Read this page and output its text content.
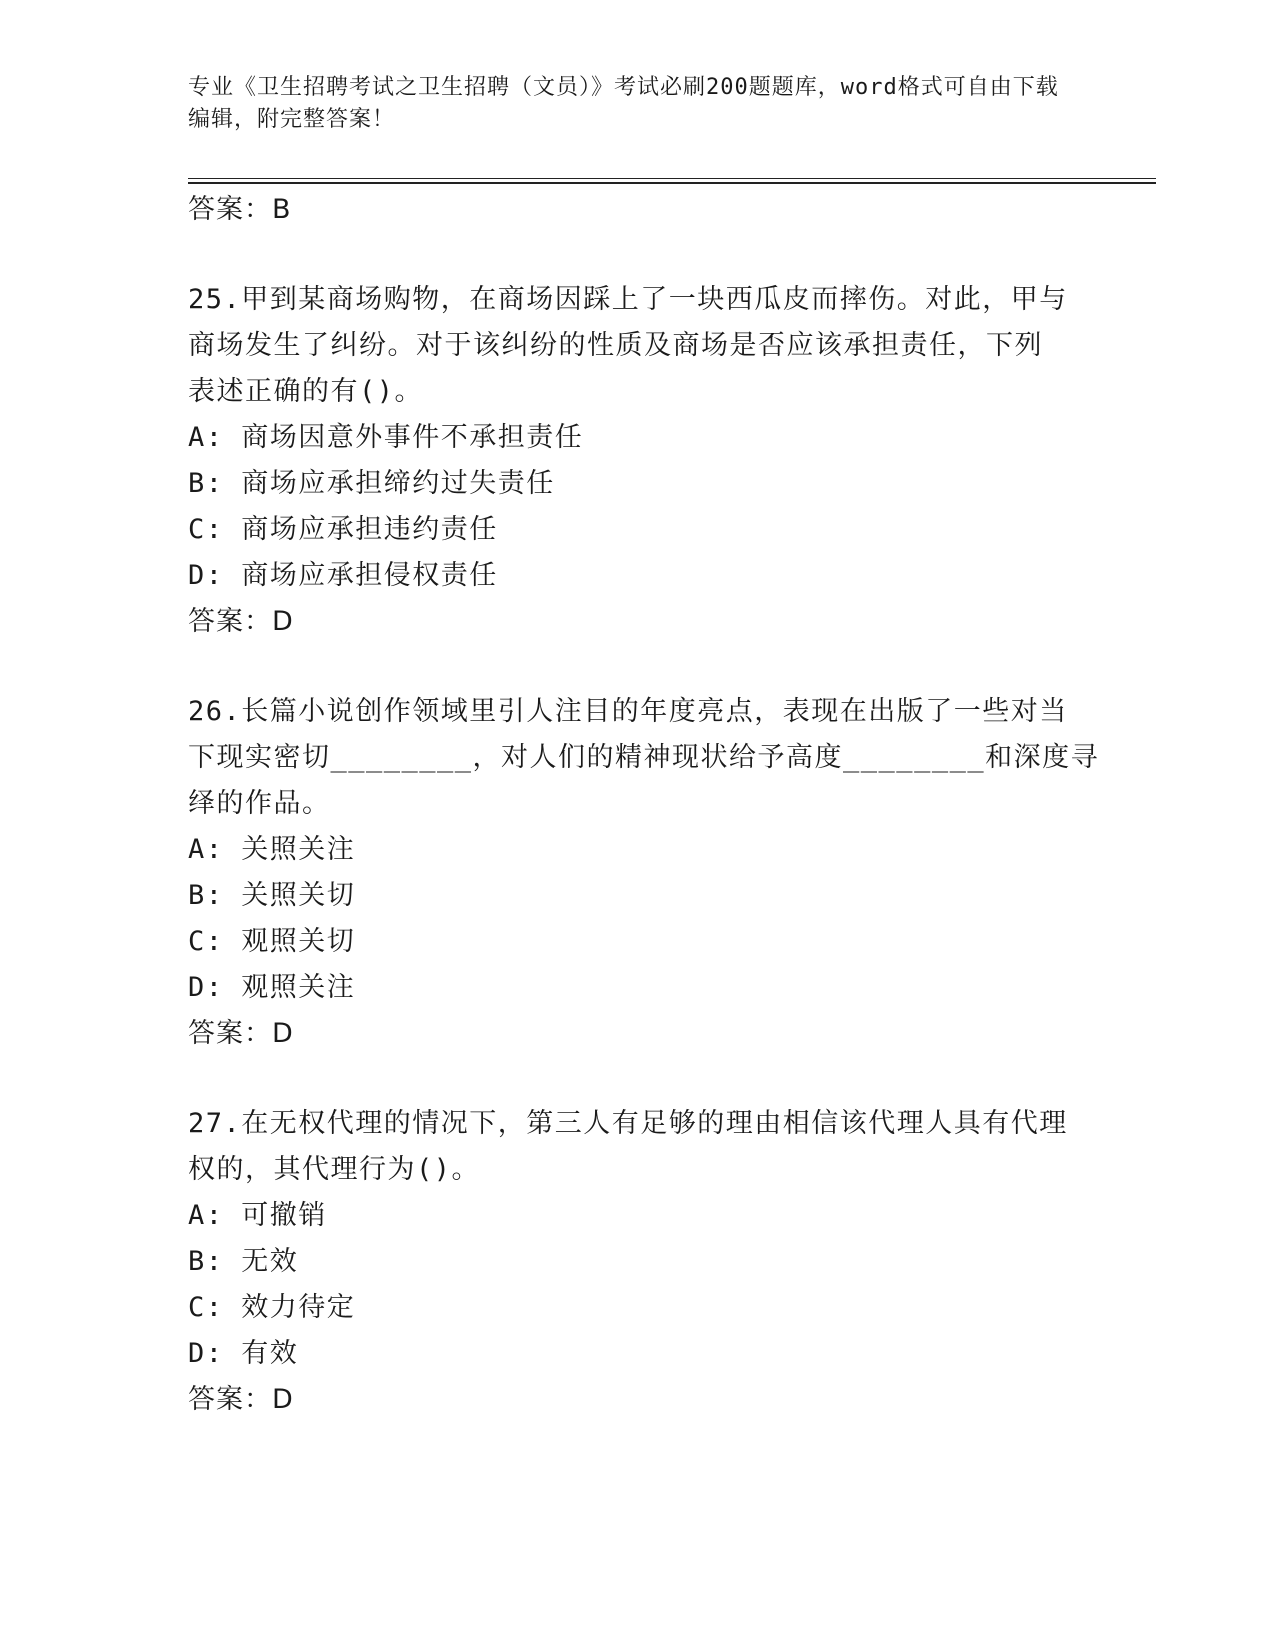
专业《卫生招聘考试之卫生招聘（文员）》考试必刷200题题库，word格式可自由下载编辑，附完整答案！
答案：B
25.甲到某商场购物，在商场因踩上了一块西瓜皮而摔伤。对此，甲与
商场发生了纠纷。对于该纠纷的性质及商场是否应该承担责任，下列
表述正确的有()。
A: 商场因意外事件不承担责任
B: 商场应承担缔约过失责任
C: 商场应承担违约责任
D: 商场应承担侵权责任
答案：D
26.长篇小说创作领域里引人注目的年度亮点，表现在出版了一些对当
下现实密切________，对人们的精神现状给予高度________和深度寻
绎的作品。
A: 关照关注
B: 关照关切
C: 观照关切
D: 观照关注
答案：D
27.在无权代理的情况下，第三人有足够的理由相信该代理人具有代理
权的，其代理行为()。
A: 可撤销
B: 无效
C: 效力待定
D: 有效
答案：D
